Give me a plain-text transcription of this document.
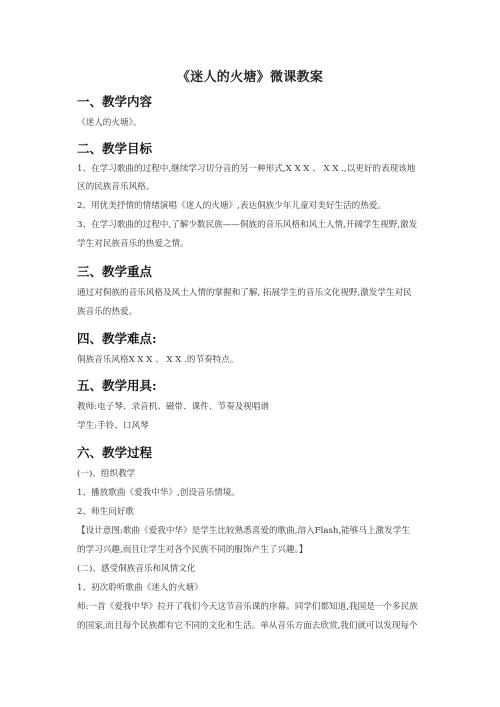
《迷人的火塘》微课教案
一、教学内容
《迷人的火塘》。
二、教学目标
1、在学习歌曲的过程中,继续学习切分音的另一种形式,X X X 、 X X .,以更好的表现该地
区的民族音乐风格。
2、用优美抒情的情绪演唱《迷人的火塘》,表达侗族少年儿童对美好生活的热爱。
3、在学习歌曲的过程中,了解少数民族——侗族的音乐风格和风土人情,开阔学生视野,激发
学生对民族音乐的热爱之情。
三、教学重点
通过对侗族的音乐风格及风土人情的掌握和了解, 拓展学生的音乐文化视野,激发学生对民
族音乐的热爱。
四、教学难点:
侗族音乐风格X X X 、 X X .的节奏特点。
五、教学用具:
教师:电子琴、录音机、磁带、课件、节奏及视唱谱
学生:手铃、口风琴
六、教学过程
(一)、组织教学
1、播放歌曲《爱我中华》,创设音乐情境。
2、师生问好歌
【设计意图:歌曲《爱我中华》是学生比较熟悉喜爱的歌曲,溶入Flash,能够马上激发学生
的学习兴趣,而且让学生对各个民族不同的服饰产生了兴趣。】
(二)、感受侗族音乐和风情文化
1、初次聆听歌曲《迷人的火塘》
师:一首《爱我中华》拉开了我们今天这节音乐课的序幕。同学们都知道,我国是一个多民族
的国家,而且每个民族都有它不同的文化和生活。单从音乐方面去欣赏,我们就可以发现每个
